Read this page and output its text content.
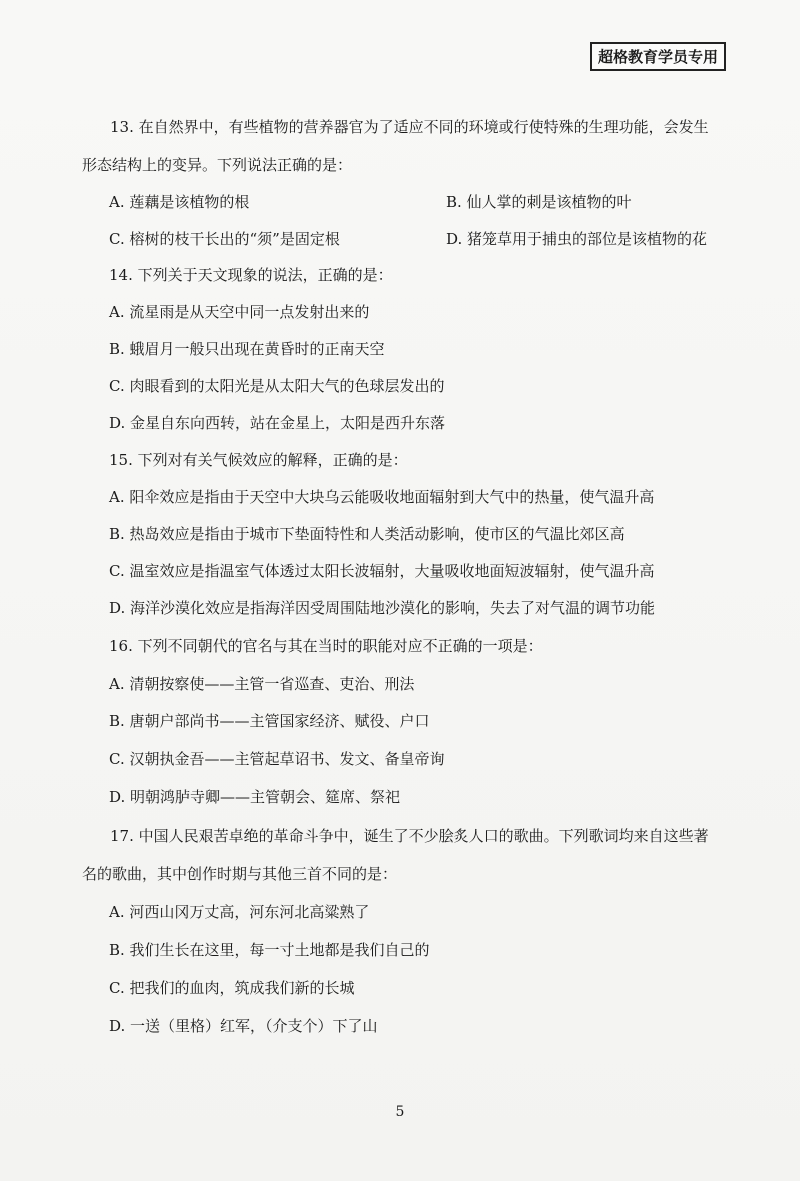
超格教育学员专用
13. 在自然界中，有些植物的营养器官为了适应不同的环境或行使特殊的生理功能，会发生
形态结构上的变异。下列说法正确的是：
A. 莲藕是该植物的根	B. 仙人掌的刺是该植物的叶
C. 榕树的枝干长出的“须”是固定根	D. 猪笼草用于捕虫的部位是该植物的花
14. 下列关于天文现象的说法，正确的是：
A. 流星雨是从天空中同一点发射出来的
B. 蛾眉月一般只出现在黄昏时的正南天空
C. 肉眼看到的太阳光是从太阳大气的色球层发出的
D. 金星自东向西转，站在金星上，太阳是西升东落
15. 下列对有关气候效应的解释，正确的是：
A. 阳伞效应是指由于天空中大块乌云能吸收地面辐射到大气中的热量，使气温升高
B. 热岛效应是指由于城市下垫面特性和人类活动影响，使市区的气温比郊区高
C. 温室效应是指温室气体透过太阳长波辐射，大量吸收地面短波辐射，使气温升高
D. 海洋沙漠化效应是指海洋因受周围陆地沙漠化的影响，失去了对气温的调节功能
16. 下列不同朝代的官名与其在当时的职能对应不正确的一项是：
A. 清朝按察使——主管一省巡查、吏治、刑法
B. 唐朝户部尚书——主管国家经济、赋役、户口
C. 汉朝执金吾——主管起草诏书、发文、备皇帝询
D. 明朝鸿胪寺卿——主管朝会、筵席、祭祀
17. 中国人民艰苦卓绝的革命斗争中，诞生了不少脍炙人口的歌曲。下列歌词均来自这些著
名的歌曲，其中创作时期与其他三首不同的是：
A. 河西山冈万丈高，河东河北高粱熟了
B. 我们生长在这里，每一寸土地都是我们自己的
C. 把我们的血肉，筑成我们新的长城
D. 一送（里格）红军，（介支个）下了山
5
